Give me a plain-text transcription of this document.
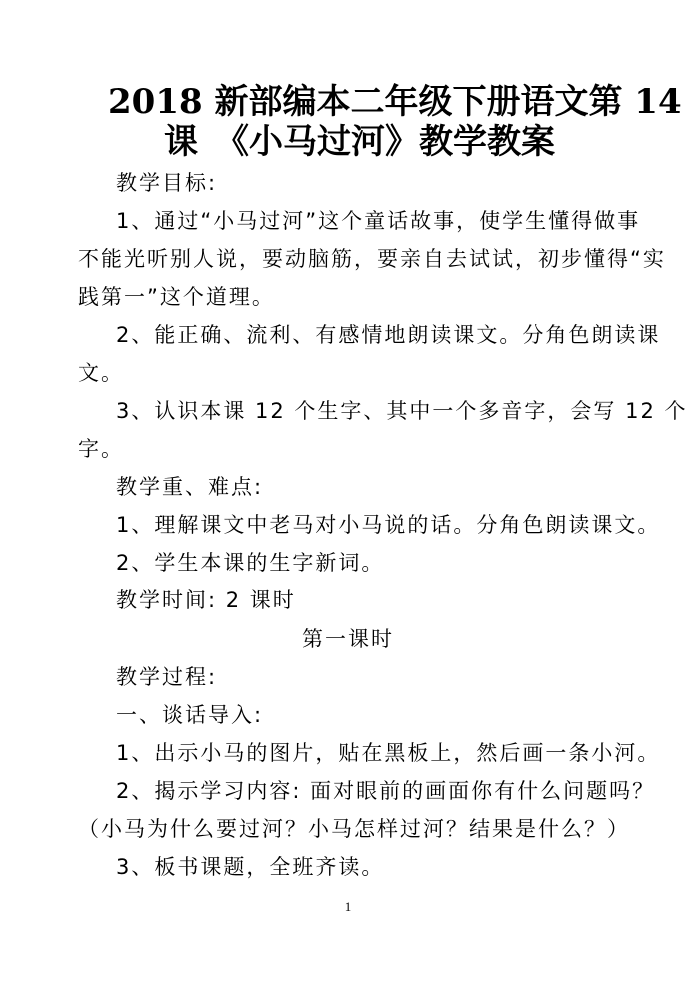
2018 新部编本二年级下册语文第 14
课　《小马过河》教学教案
教学目标:
1、通过“小马过河”这个童话故事，使学生懂得做事
不能光听别人说，要动脑筋，要亲自去试试，初步懂得“实
践第一”这个道理。
2、能正确、流利、有感情地朗读课文。分角色朗读课
文。
3、认识本课 12 个生字、其中一个多音字，会写 12 个
字。
教学重、难点:
1、理解课文中老马对小马说的话。分角色朗读课文。
2、学生本课的生字新词。
教学时间: 2 课时
第一课时
教学过程:
一、谈话导入:
1、出示小马的图片，贴在黑板上，然后画一条小河。
2、揭示学习内容: 面对眼前的画面你有什么问题吗？
（小马为什么要过河？小马怎样过河？结果是什么？）
3、板书课题，全班齐读。
1
